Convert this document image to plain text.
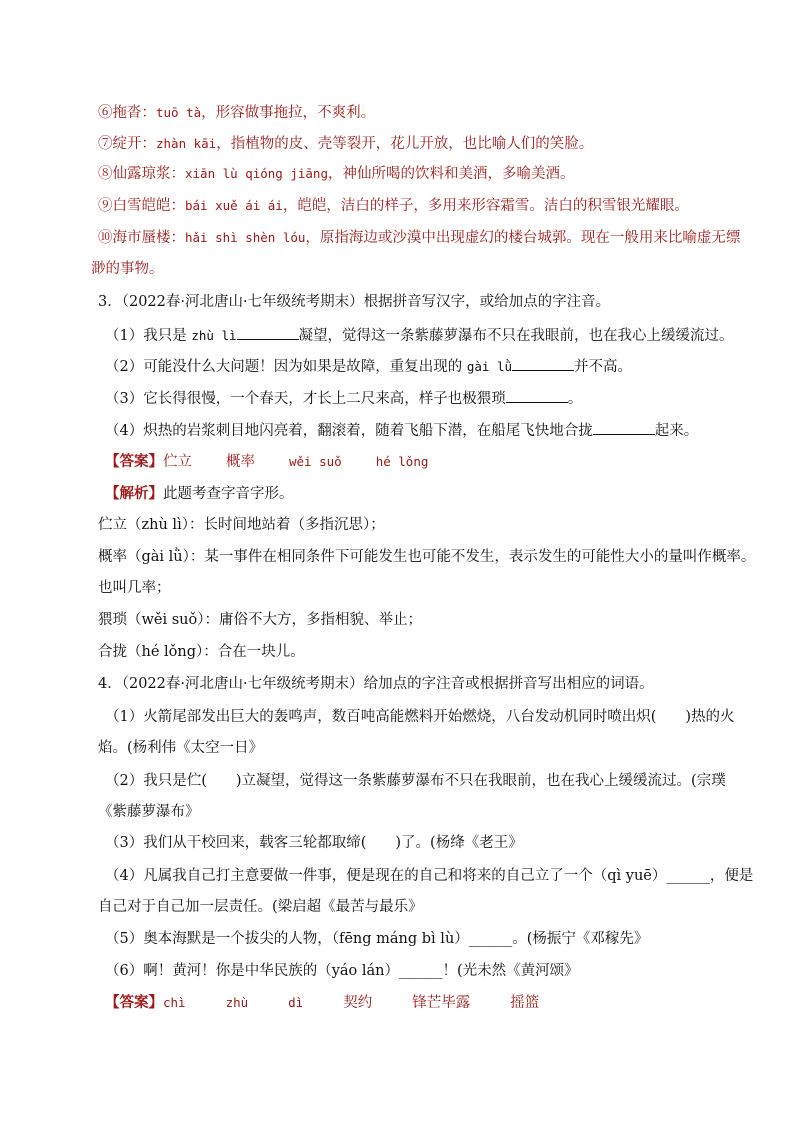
⑥拖沓：tuō tà，形容做事拖拉，不爽利。
⑦绽开：zhàn kāi，指植物的皮、壳等裂开，花儿开放，也比喻人们的笑脸。
⑧仙露琼浆：xiān lù qióng jiāng，神仙所喝的饮料和美酒，多喻美酒。
⑨白雪皑皑：bái xuě ái ái，皑皑，洁白的样子，多用来形容霜雪。洁白的积雪银光耀眼。
⑩海市蜃楼：hǎi shì shèn lóu，原指海边或沙漠中出现虚幻的楼台城郭。现在一般用来比喻虚无缥
渺的事物。
3．（2022春·河北唐山·七年级统考期末）根据拼音写汉字，或给加点的字注音。
（1）我只是 zhù lì	凝望，觉得这一条紫藤萝瀑布不只在我眼前，也在我心上缓缓流过。
（2）可能没什么大问题！因为如果是故障，重复出现的 gài lǜ	并不高。
（3）它长得很慢，一个春天，才长上二尺来高，样子也极猥琐	。
（4）炽热的岩浆刺目地闪亮着，翻滚着，随着飞船下潜，在船尾飞快地合拢	起来。
【答案】伫立 概率	wěi suǒ	hé lǒng
【解析】此题考查字音字形。
伫立（zhù lì）：长时间地站着（多指沉思）；
概率（gài lǜ）：某一事件在相同条件下可能发生也可能不发生，表示发生的可能性大小的量叫作概率。
也叫几率；
猥琐（wěi suǒ）：庸俗不大方，多指相貌、举止；
合拢（hé lǒng）：合在一块儿。
4．（2022春·河北唐山·七年级统考期末）给加点的字注音或根据拼音写出相应的词语。
（1）火箭尾部发出巨大的轰鸣声，数百吨高能燃料开始燃烧，八台发动机同时喷出炽(　　)热的火
焰。(杨利伟《太空一日》
（2）我只是伫(　　)立凝望，觉得这一条紫藤萝瀑布不只在我眼前，也在我心上缓缓流过。(宗璞
《紫藤萝瀑布》
（3）我们从干校回来，载客三轮都取缔(　　)了。(杨绛《老王》
（4）凡属我自己打主意要做一件事，便是现在的自己和将来的自己立了一个（qì yuē）______，便是
自己对于自己加一层责任。(梁启超《最苦与最乐》
（5）奥本海默是一个拔尖的人物，（fēng máng bì lù）______。(杨振宁《邓稼先》
（6）啊！黄河！你是中华民族的（yáo lán）______！(光未然《黄河颂》
【答案】chì	zhù	dì	契约	锋芒毕露	摇篮
